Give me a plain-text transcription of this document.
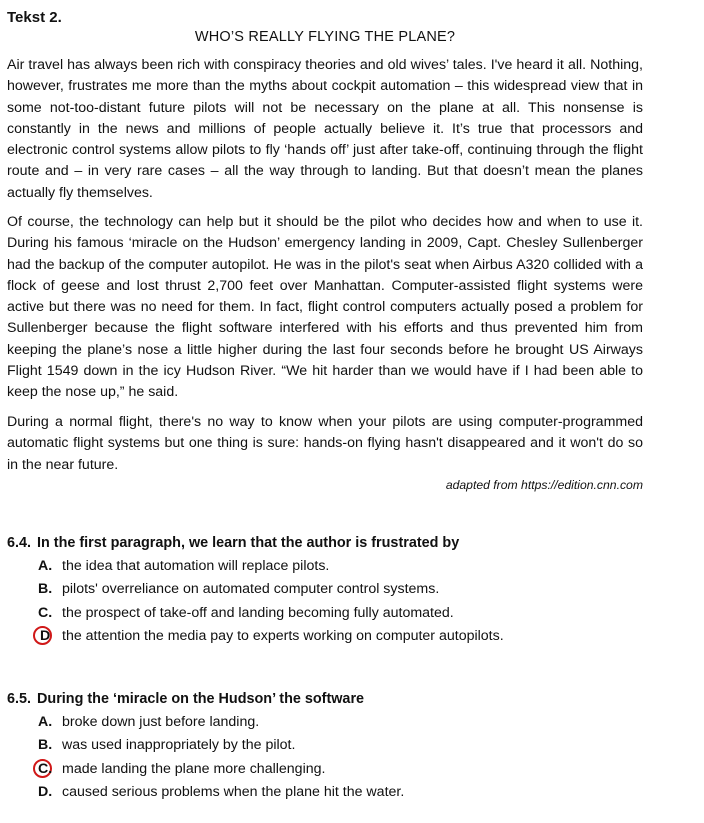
Tekst 2.
WHO’S REALLY FLYING THE PLANE?
Air travel has always been rich with conspiracy theories and old wives’ tales. I've heard it all. Nothing, however, frustrates me more than the myths about cockpit automation – this widespread view that in some not-too-distant future pilots will not be necessary on the plane at all. This nonsense is constantly in the news and millions of people actually believe it. It’s true that processors and electronic control systems allow pilots to fly ‘hands off’ just after take-off, continuing through the flight route and – in very rare cases – all the way through to landing. But that doesn’t mean the planes actually fly themselves.
Of course, the technology can help but it should be the pilot who decides how and when to use it. During his famous ‘miracle on the Hudson’ emergency landing in 2009, Capt. Chesley Sullenberger had the backup of the computer autopilot. He was in the pilot's seat when Airbus A320 collided with a flock of geese and lost thrust 2,700 feet over Manhattan. Computer-assisted flight systems were active but there was no need for them. In fact, flight control computers actually posed a problem for Sullenberger because the flight software interfered with his efforts and thus prevented him from keeping the plane’s nose a little higher during the last four seconds before he brought US Airways Flight 1549 down in the icy Hudson River. “We hit harder than we would have if I had been able to keep the nose up,” he said.
During a normal flight, there's no way to know when your pilots are using computer-programmed automatic flight systems but one thing is sure: hands-on flying hasn't disappeared and it won't do so in the near future.
adapted from https://edition.cnn.com
6.4. In the first paragraph, we learn that the author is frustrated by
A. the idea that automation will replace pilots.
B. pilots' overreliance on automated computer control systems.
C. the prospect of take-off and landing becoming fully automated.
D the attention the media pay to experts working on computer autopilots.
6.5. During the ‘miracle on the Hudson’ the software
A. broke down just before landing.
B. was used inappropriately by the pilot.
C. made landing the plane more challenging.
D. caused serious problems when the plane hit the water.
